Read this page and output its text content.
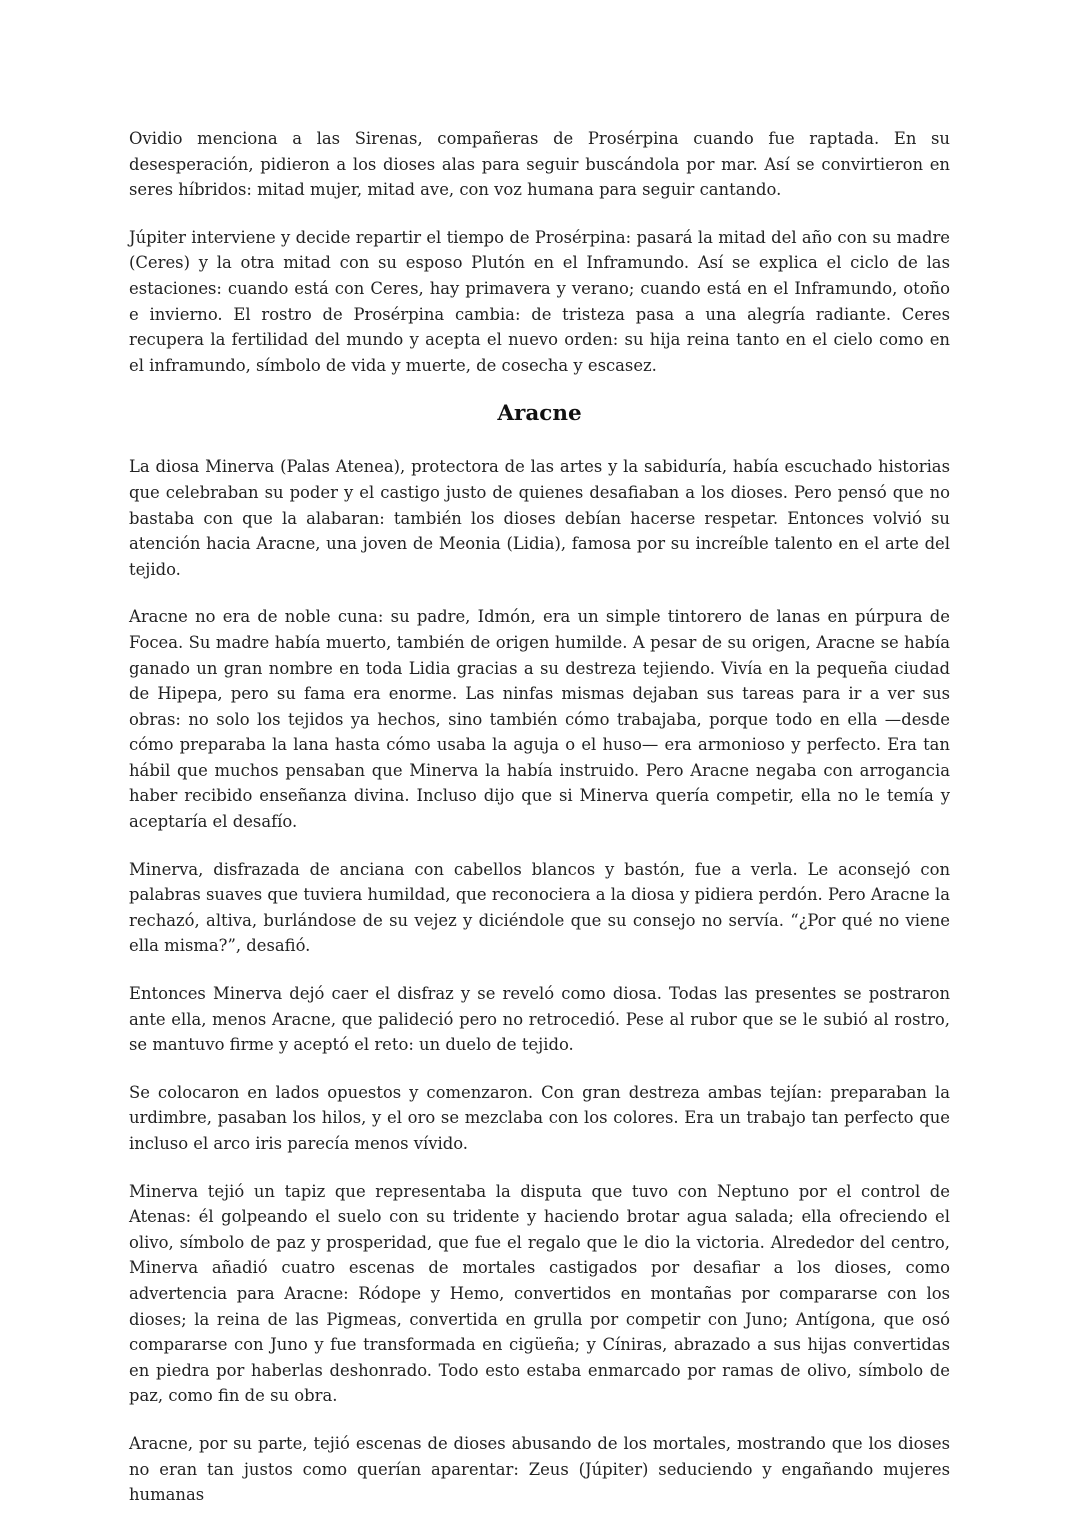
Ovidio menciona a las Sirenas, compañeras de Prosérpina cuando fue raptada. En su desesperación, pidieron a los dioses alas para seguir buscándola por mar. Así se convirtieron en seres híbridos: mitad mujer, mitad ave, con voz humana para seguir cantando.

Júpiter interviene y decide repartir el tiempo de Prosérpina: pasará la mitad del año con su madre (Ceres) y la otra mitad con su esposo Plutón en el Inframundo. Así se explica el ciclo de las estaciones: cuando está con Ceres, hay primavera y verano; cuando está en el Inframundo, otoño e invierno. El rostro de Prosérpina cambia: de tristeza pasa a una alegría radiante. Ceres recupera la fertilidad del mundo y acepta el nuevo orden: su hija reina tanto en el cielo como en el inframundo, símbolo de vida y muerte, de cosecha y escasez.

Aracne

La diosa Minerva (Palas Atenea), protectora de las artes y la sabiduría, había escuchado historias que celebraban su poder y el castigo justo de quienes desafiaban a los dioses. Pero pensó que no bastaba con que la alabaran: también los dioses debían hacerse respetar. Entonces volvió su atención hacia Aracne, una joven de Meonia (Lidia), famosa por su increíble talento en el arte del tejido.

Aracne no era de noble cuna: su padre, Idmón, era un simple tintorero de lanas en púrpura de Focea. Su madre había muerto, también de origen humilde. A pesar de su origen, Aracne se había ganado un gran nombre en toda Lidia gracias a su destreza tejiendo. Vivía en la pequeña ciudad de Hipepa, pero su fama era enorme. Las ninfas mismas dejaban sus tareas para ir a ver sus obras: no solo los tejidos ya hechos, sino también cómo trabajaba, porque todo en ella —desde cómo preparaba la lana hasta cómo usaba la aguja o el huso— era armonioso y perfecto. Era tan hábil que muchos pensaban que Minerva la había instruido. Pero Aracne negaba con arrogancia haber recibido enseñanza divina. Incluso dijo que si Minerva quería competir, ella no le temía y aceptaría el desafío.

Minerva, disfrazada de anciana con cabellos blancos y bastón, fue a verla. Le aconsejó con palabras suaves que tuviera humildad, que reconociera a la diosa y pidiera perdón. Pero Aracne la rechazó, altiva, burlándose de su vejez y diciéndole que su consejo no servía. “¿Por qué no viene ella misma?”, desafió.

Entonces Minerva dejó caer el disfraz y se reveló como diosa. Todas las presentes se postraron ante ella, menos Aracne, que palideció pero no retrocedió. Pese al rubor que se le subió al rostro, se mantuvo firme y aceptó el reto: un duelo de tejido.

Se colocaron en lados opuestos y comenzaron. Con gran destreza ambas tejían: preparaban la urdimbre, pasaban los hilos, y el oro se mezclaba con los colores. Era un trabajo tan perfecto que incluso el arco iris parecía menos vívido.

Minerva tejió un tapiz que representaba la disputa que tuvo con Neptuno por el control de Atenas: él golpeando el suelo con su tridente y haciendo brotar agua salada; ella ofreciendo el olivo, símbolo de paz y prosperidad, que fue el regalo que le dio la victoria. Alrededor del centro, Minerva añadió cuatro escenas de mortales castigados por desafiar a los dioses, como advertencia para Aracne: Ródope y Hemo, convertidos en montañas por compararse con los dioses; la reina de las Pigmeas, convertida en grulla por competir con Juno; Antígona, que osó compararse con Juno y fue transformada en cigüeña; y Cíniras, abrazado a sus hijas convertidas en piedra por haberlas deshonrado. Todo esto estaba enmarcado por ramas de olivo, símbolo de paz, como fin de su obra.

Aracne, por su parte, tejió escenas de dioses abusando de los mortales, mostrando que los dioses no eran tan justos como querían aparentar: Zeus (Júpiter) seduciendo y engañando mujeres humanas
